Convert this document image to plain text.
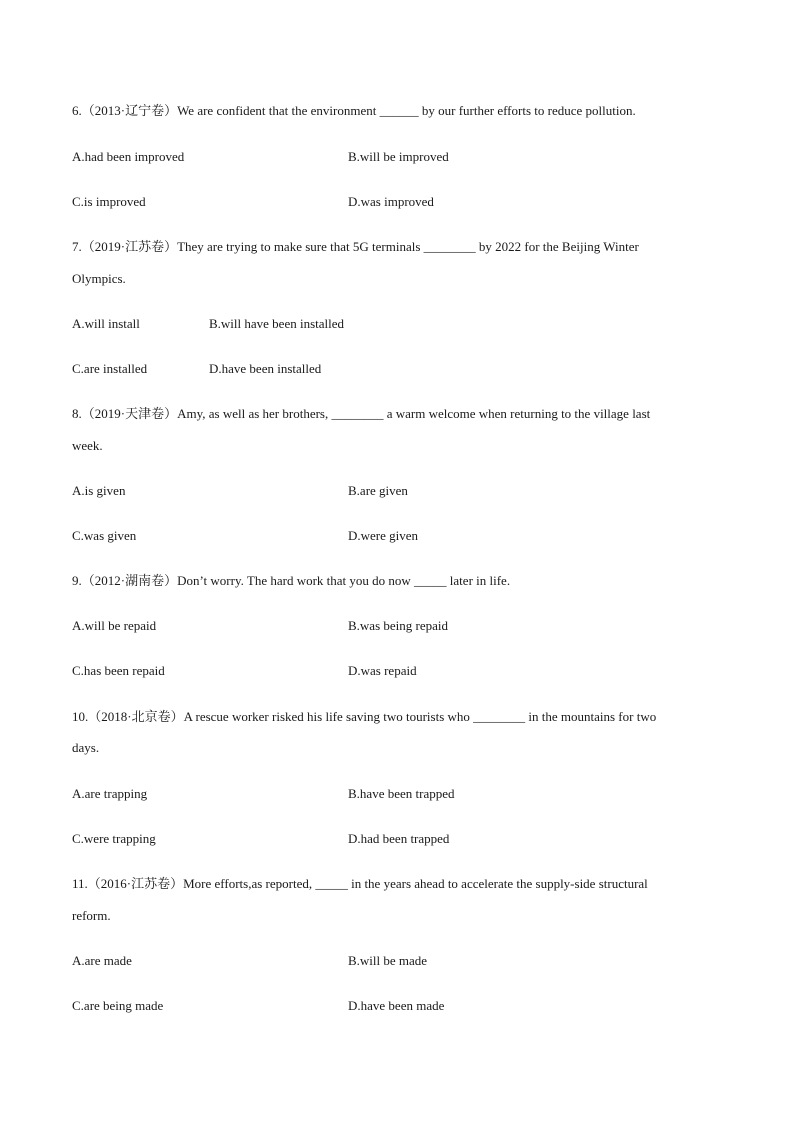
6.（2013·辽宁卷）We are confident that the environment ______ by our further efforts to reduce pollution.
A.had been improved	B.will be improved
C.is improved	D.was improved
7.（2019·江苏卷）They are trying to make sure that 5G terminals ________ by 2022 for the Beijing Winter
Olympics.
A.will install	B.will have been installed
C.are installed	D.have been installed
8.（2019·天津卷）Amy, as well as her brothers, ________ a warm welcome when returning to the village last
week.
A.is given	B.are given
C.was given	D.were given
9.（2012·湖南卷）Don’t worry. The hard work that you do now _____ later in life.
A.will be repaid	B.was being repaid
C.has been repaid	D.was repaid
10.（2018·北京卷）A rescue worker risked his life saving two tourists who ________ in the mountains for two
days.
A.are trapping	B.have been trapped
C.were trapping	D.had been trapped
11.（2016·江苏卷）More efforts,as reported, _____ in the years ahead to accelerate the supply-side structural
reform.
A.are made	B.will be made
C.are being made	D.have been made
